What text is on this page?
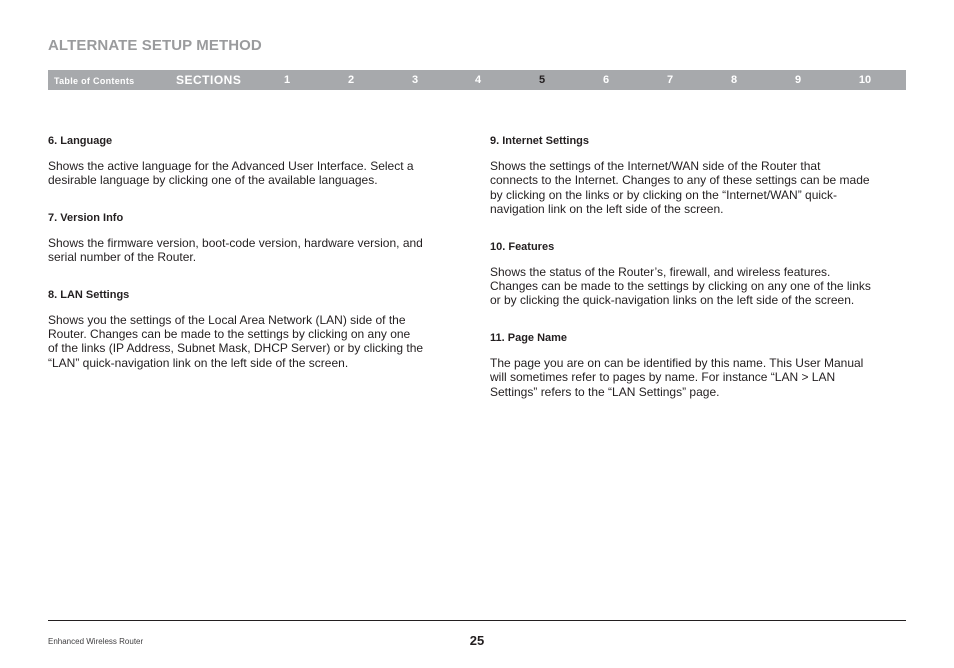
ALTERNATE SETUP METHOD
Table of Contents	SECTIONS	1	2	3	4	5	6	7	8	9	10

6. Language

Shows the active language for the Advanced User Interface. Select a
desirable language by clicking one of the available languages.

7. Version Info

Shows the firmware version, boot-code version, hardware version, and
serial number of the Router.

8. LAN Settings

Shows you the settings of the Local Area Network (LAN) side of the
Router. Changes can be made to the settings by clicking on any one
of the links (IP Address, Subnet Mask, DHCP Server) or by clicking the
“LAN” quick-navigation link on the left side of the screen.

9. Internet Settings

Shows the settings of the Internet/WAN side of the Router that
connects to the Internet. Changes to any of these settings can be made
by clicking on the links or by clicking on the “Internet/WAN” quick-
navigation link on the left side of the screen.

10. Features

Shows the status of the Router’s, firewall, and wireless features.
Changes can be made to the settings by clicking on any one of the links
or by clicking the quick-navigation links on the left side of the screen.

11. Page Name

The page you are on can be identified by this name. This User Manual
will sometimes refer to pages by name. For instance “LAN > LAN
Settings” refers to the “LAN Settings” page.

Enhanced Wireless Router	25
